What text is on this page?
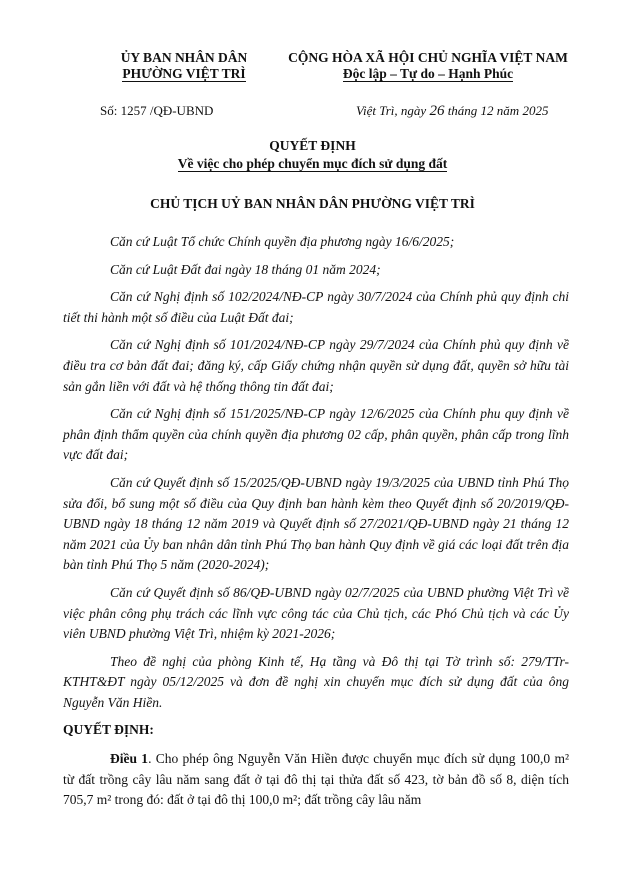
ỦY BAN NHÂN DÂN
PHƯỜNG VIỆT TRÌ
CỘNG HÒA XÃ HỘI CHỦ NGHĨA VIỆT NAM
Độc lập – Tự do – Hạnh Phúc
Số: 1257 /QĐ-UBND	Việt Trì, ngày 26 tháng 12 năm 2025
QUYẾT ĐỊNH
Về việc cho phép chuyển mục đích sử dụng đất
CHỦ TỊCH UỶ BAN NHÂN DÂN PHƯỜNG VIỆT TRÌ

Căn cứ Luật Tổ chức Chính quyền địa phương ngày 16/6/2025;

Căn cứ Luật Đất đai ngày 18 tháng 01 năm 2024;

Căn cứ Nghị định số 102/2024/NĐ-CP ngày 30/7/2024 của Chính phủ quy định chi tiết thi hành một số điều của Luật Đất đai;

Căn cứ Nghị định số 101/2024/NĐ-CP ngày 29/7/2024 của Chính phủ quy định về điều tra cơ bản đất đai; đăng ký, cấp Giấy chứng nhận quyền sử dụng đất, quyền sở hữu tài sản gắn liền với đất và hệ thống thông tin đất đai;

Căn cứ Nghị định số 151/2025/NĐ-CP ngày 12/6/2025 của Chính phu quy định về phân định thẩm quyền của chính quyền địa phương 02 cấp, phân quyền, phân cấp trong lĩnh vực đất đai;

Căn cứ Quyết định số 15/2025/QĐ-UBND ngày 19/3/2025 của UBND tỉnh Phú Thọ sửa đổi, bổ sung một số điều của Quy định ban hành kèm theo Quyết định số 20/2019/QĐ-UBND ngày 18 tháng 12 năm 2019 và Quyết định số 27/2021/QĐ-UBND ngày 21 tháng 12 năm 2021 của Ủy ban nhân dân tỉnh Phú Thọ ban hành Quy định về giá các loại đất trên địa bàn tỉnh Phú Thọ 5 năm (2020-2024);

Căn cứ Quyết định số 86/QĐ-UBND ngày 02/7/2025 của UBND phường Việt Trì về việc phân công phụ trách các lĩnh vực công tác của Chủ tịch, các Phó Chủ tịch và các Ủy viên UBND phường Việt Trì, nhiệm kỳ 2021-2026;

Theo đề nghị của phòng Kinh tế, Hạ tầng và Đô thị tại Tờ trình số: 279/TTr-KTHT&ĐT ngày 05/12/2025 và đơn đề nghị xin chuyển mục đích sử dụng đất của ông Nguyễn Văn Hiền.

QUYẾT ĐỊNH:

Điều 1. Cho phép ông Nguyễn Văn Hiền được chuyển mục đích sử dụng 100,0 m² từ đất trồng cây lâu năm sang đất ở tại đô thị tại thửa đất số 423, tờ bản đồ số 8, diện tích 705,7 m² trong đó: đất ở tại đô thị 100,0 m²; đất trồng cây lâu năm
